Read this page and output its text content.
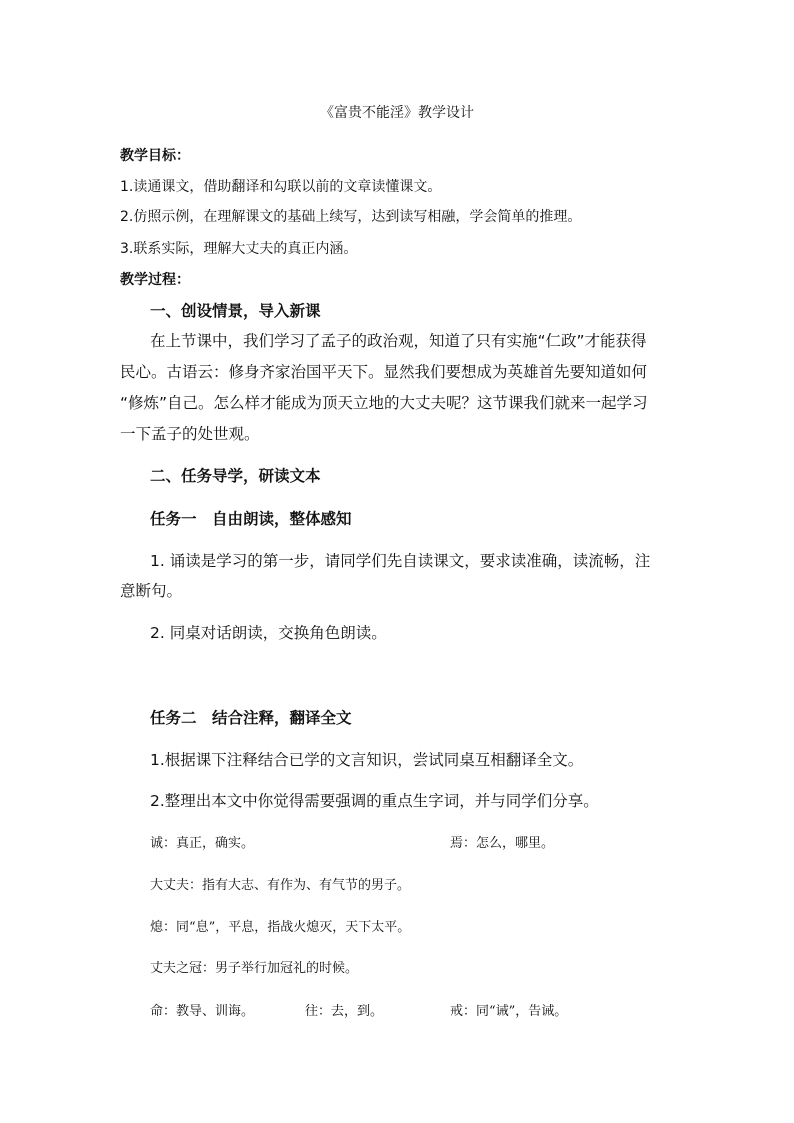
《富贵不能淫》教学设计
教学目标：
1.读通课文，借助翻译和勾联以前的文章读懂课文。
2.仿照示例，在理解课文的基础上续写，达到读写相融，学会简单的推理。
3.联系实际，理解大丈夫的真正内涵。
教学过程：
一、创设情景，导入新课
在上节课中，我们学习了孟子的政治观，知道了只有实施“仁政”才能获得
民心。古语云：修身齐家治国平天下。显然我们要想成为英雄首先要知道如何
“修炼”自己。怎么样才能成为顶天立地的大丈夫呢？这节课我们就来一起学习
一下孟子的处世观。
二、任务导学，研读文本
任务一　自由朗读，整体感知
1. 诵读是学习的第一步，请同学们先自读课文，要求读准确，读流畅，注
意断句。
2. 同桌对话朗读，交换角色朗读。
任务二　结合注释，翻译全文
1.根据课下注释结合已学的文言知识，尝试同桌互相翻译全文。
2.整理出本文中你觉得需要强调的重点生字词，并与同学们分享。
诚：真正，确实。	焉：怎么，哪里。
大丈夫：指有大志、有作为、有气节的男子。
熄：同“息”，平息，指战火熄灭，天下太平。
丈夫之冠：男子举行加冠礼的时候。
命：教导、训诲。	往：去，到。	戒：同“诫”，告诫。
